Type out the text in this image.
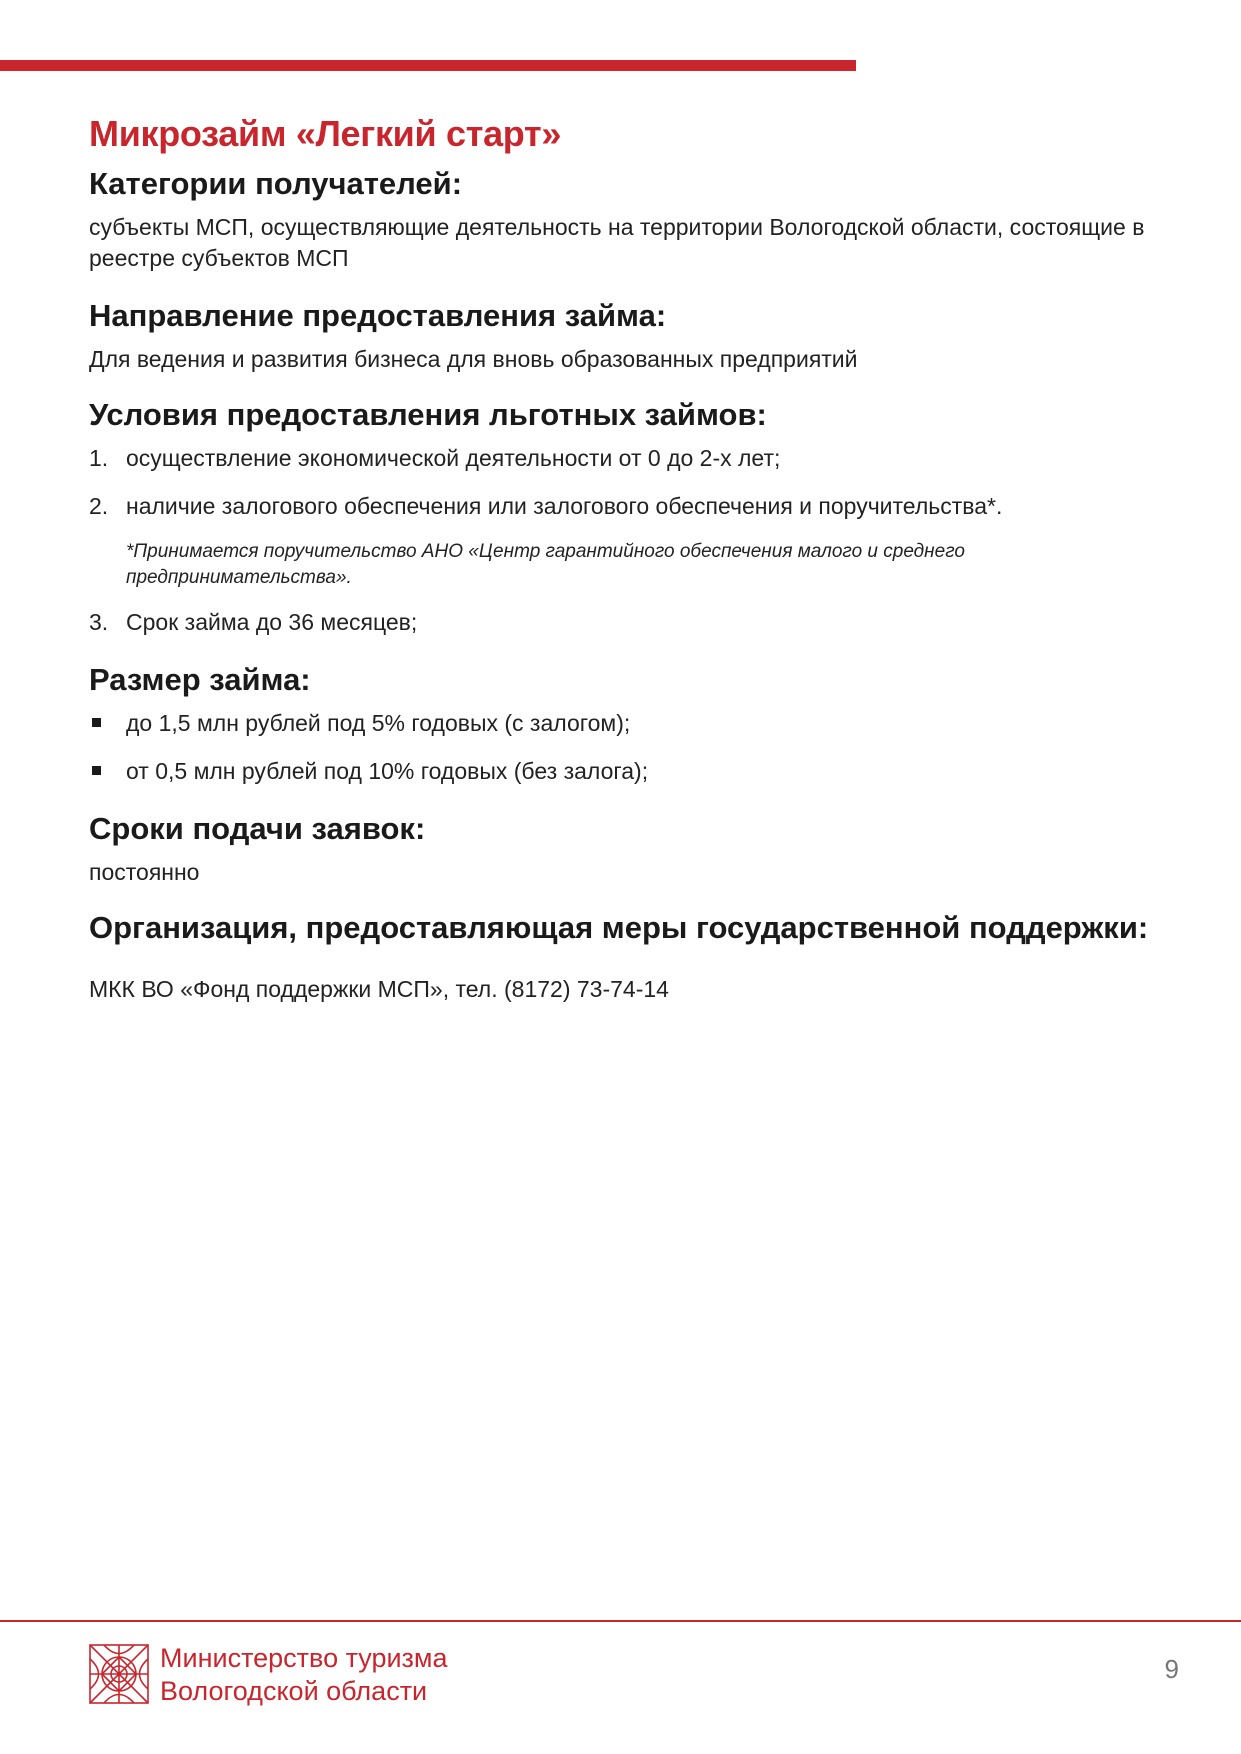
Микрозайм «Легкий старт»
Категории получателей:

субъекты МСП, осуществляющие деятельность на территории Вологодской области, состоящие в реестре субъектов МСП

Направление предоставления займа:

Для ведения и развития бизнеса для вновь образованных предприятий

Условия предоставления льготных займов:
1. осуществление экономической деятельности от 0 до 2-х лет;
2. наличие залогового обеспечения или залогового обеспечения и поручительства*.

*Принимается поручительство АНО «Центр гарантийного обеспечения малого и среднего предпринимательства».

3. Срок займа до 36 месяцев;
Размер займа:
до 1,5 млн рублей под 5% годовых (с залогом);
от 0,5 млн рублей под 10% годовых (без залога);
Сроки подачи заявок:

постоянно

Организация, предоставляющая меры государственной поддержки:

МКК ВО «Фонд поддержки МСП», тел. (8172) 73-74-14

Министерство туризма
Вологодской области
9
